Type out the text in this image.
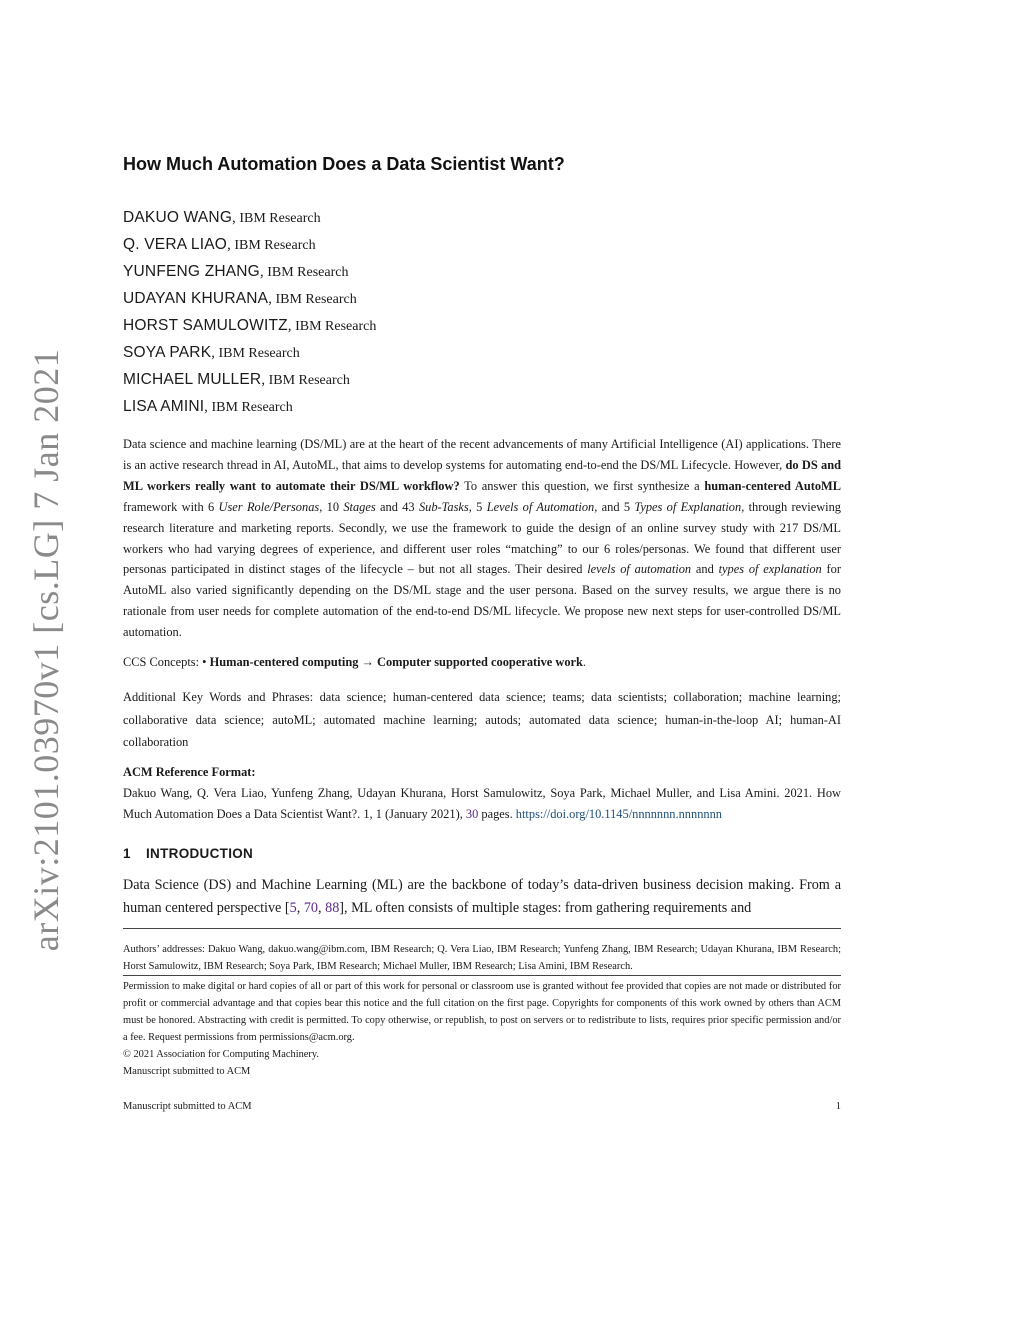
arXiv:2101.03970v1 [cs.LG] 7 Jan 2021
How Much Automation Does a Data Scientist Want?
DAKUO WANG, IBM Research
Q. VERA LIAO, IBM Research
YUNFENG ZHANG, IBM Research
UDAYAN KHURANA, IBM Research
HORST SAMULOWITZ, IBM Research
SOYA PARK, IBM Research
MICHAEL MULLER, IBM Research
LISA AMINI, IBM Research

Data science and machine learning (DS/ML) are at the heart of the recent advancements of many Artificial Intelligence (AI) applications. There is an active research thread in AI, AutoML, that aims to develop systems for automating end-to-end the DS/ML Lifecycle. However, do DS and ML workers really want to automate their DS/ML workflow? To answer this question, we first synthesize a human-centered AutoML framework with 6 User Role/Personas, 10 Stages and 43 Sub-Tasks, 5 Levels of Automation, and 5 Types of Explanation, through reviewing research literature and marketing reports. Secondly, we use the framework to guide the design of an online survey study with 217 DS/ML workers who had varying degrees of experience, and different user roles “matching” to our 6 roles/personas. We found that different user personas participated in distinct stages of the lifecycle – but not all stages. Their desired levels of automation and types of explanation for AutoML also varied significantly depending on the DS/ML stage and the user persona. Based on the survey results, we argue there is no rationale from user needs for complete automation of the end-to-end DS/ML lifecycle. We propose new next steps for user-controlled DS/ML automation.

CCS Concepts: • Human-centered computing → Computer supported cooperative work.

Additional Key Words and Phrases: data science; human-centered data science; teams; data scientists; collaboration; machine learning; collaborative data science; autoML; automated machine learning; autods; automated data science; human-in-the-loop AI; human-AI collaboration

ACM Reference Format:
Dakuo Wang, Q. Vera Liao, Yunfeng Zhang, Udayan Khurana, Horst Samulowitz, Soya Park, Michael Muller, and Lisa Amini. 2021. How Much Automation Does a Data Scientist Want?. 1, 1 (January 2021), 30 pages. https://doi.org/10.1145/nnnnnnn.nnnnnnn
1 INTRODUCTION

Data Science (DS) and Machine Learning (ML) are the backbone of today’s data-driven business decision making. From a human centered perspective [5, 70, 88], ML often consists of multiple stages: from gathering requirements and

Authors’ addresses: Dakuo Wang, dakuo.wang@ibm.com, IBM Research; Q. Vera Liao, IBM Research; Yunfeng Zhang, IBM Research; Udayan Khurana, IBM Research; Horst Samulowitz, IBM Research; Soya Park, IBM Research; Michael Muller, IBM Research; Lisa Amini, IBM Research.

Permission to make digital or hard copies of all or part of this work for personal or classroom use is granted without fee provided that copies are not made or distributed for profit or commercial advantage and that copies bear this notice and the full citation on the first page. Copyrights for components of this work owned by others than ACM must be honored. Abstracting with credit is permitted. To copy otherwise, or republish, to post on servers or to redistribute to lists, requires prior specific permission and/or a fee. Request permissions from permissions@acm.org.
© 2021 Association for Computing Machinery.
Manuscript submitted to ACM
Manuscript submitted to ACM	1
